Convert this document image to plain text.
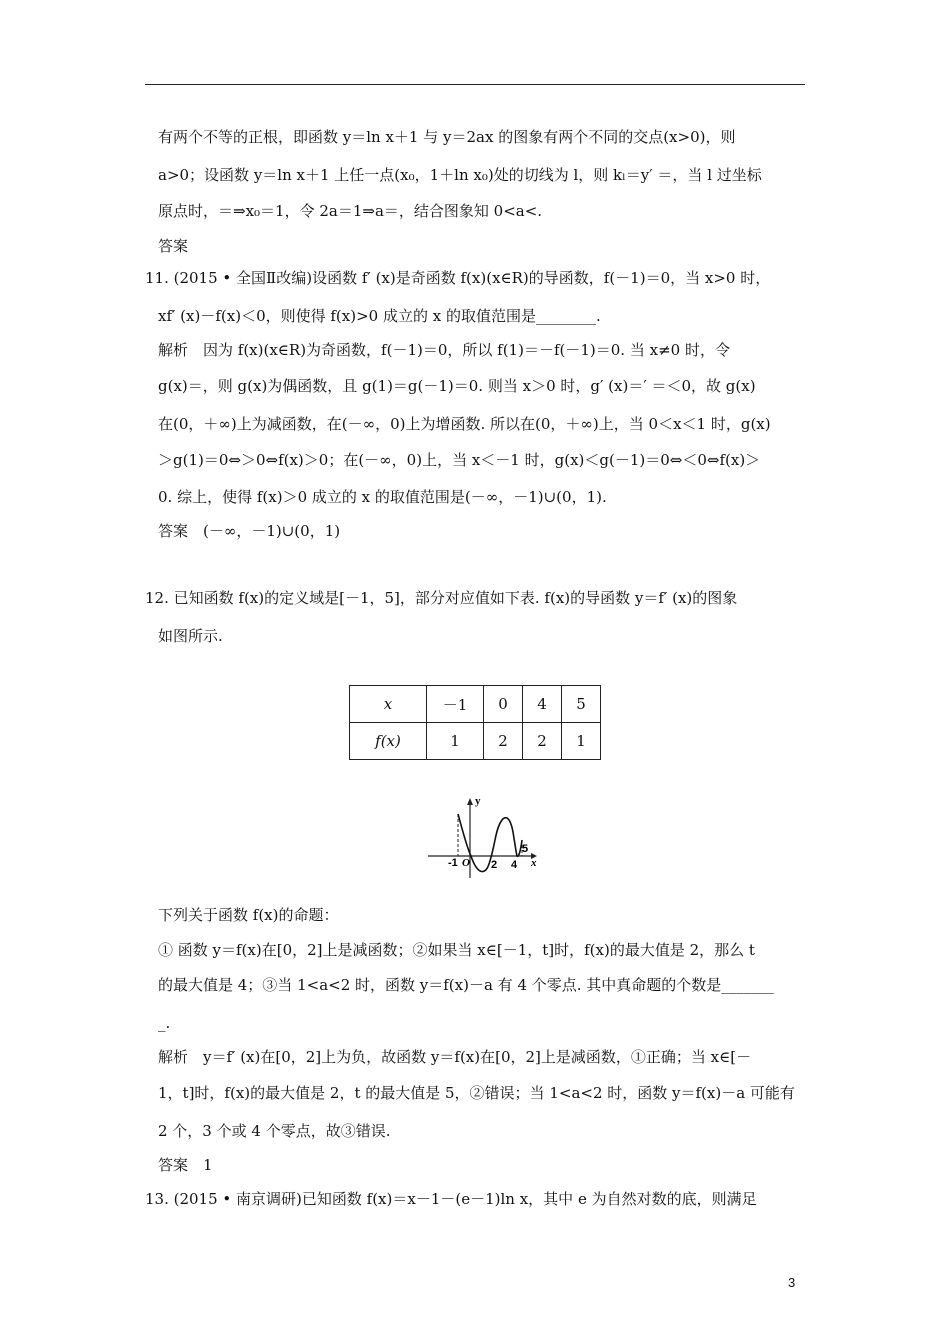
有两个不等的正根，即函数 y＝ln x＋1 与 y＝2ax 的图象有两个不同的交点(x>0)，则
a>0；设函数 y＝ln x＋1 上任一点(x₀，1＋ln x₀)处的切线为 l，则 kₗ＝y′ ＝，当 l 过坐标
原点时，＝⇒x₀＝1，令 2a＝1⇒a＝，结合图象知 0<a<.
答案
11. (2015 • 全国Ⅱ改编)设函数 f′ (x)是奇函数 f(x)(x∈R)的导函数，f(－1)＝0，当 x>0 时，
xf′ (x)－f(x)＜0，则使得 f(x)>0 成立的 x 的取值范围是________.
解析　因为 f(x)(x∈R)为奇函数，f(－1)＝0，所以 f(1)＝－f(－1)＝0. 当 x≠0 时，令
g(x)＝，则 g(x)为偶函数，且 g(1)＝g(－1)＝0. 则当 x＞0 时，g′ (x)＝′ ＝＜0，故 g(x)
在(0，＋∞)上为减函数，在(－∞，0)上为增函数. 所以在(0，＋∞)上，当 0＜x＜1 时，g(x)
＞g(1)＝0⇔＞0⇔f(x)＞0；在(－∞，0)上，当 x＜－1 时，g(x)＜g(－1)＝0⇔＜0⇔f(x)＞
0. 综上，使得 f(x)＞0 成立的 x 的取值范围是(－∞，－1)∪(0，1).
答案　(－∞，－1)∪(0，1)
12. 已知函数 f(x)的定义域是[－1，5]，部分对应值如下表. f(x)的导函数 y＝f′ (x)的图象
如图所示.
x	－1	0	4	5
f(x)	1	2	2	1
y
x
-1 O 2 4
5
下列关于函数 f(x)的命题：
① 函数 y＝f(x)在[0，2]上是减函数；②如果当 x∈[－1，t]时，f(x)的最大值是 2，那么 t
的最大值是 4；③当 1<a<2 时，函数 y＝f(x)－a 有 4 个零点. 其中真命题的个数是_______
_.
解析　y＝f′ (x)在[0，2]上为负，故函数 y＝f(x)在[0，2]上是减函数，①正确；当 x∈[－
1，t]时，f(x)的最大值是 2，t 的最大值是 5，②错误；当 1<a<2 时，函数 y＝f(x)－a 可能有
2 个，3 个或 4 个零点，故③错误.
答案　1
13. (2015 • 南京调研)已知函数 f(x)＝x－1－(e－1)ln x，其中 e 为自然对数的底，则满足
3
